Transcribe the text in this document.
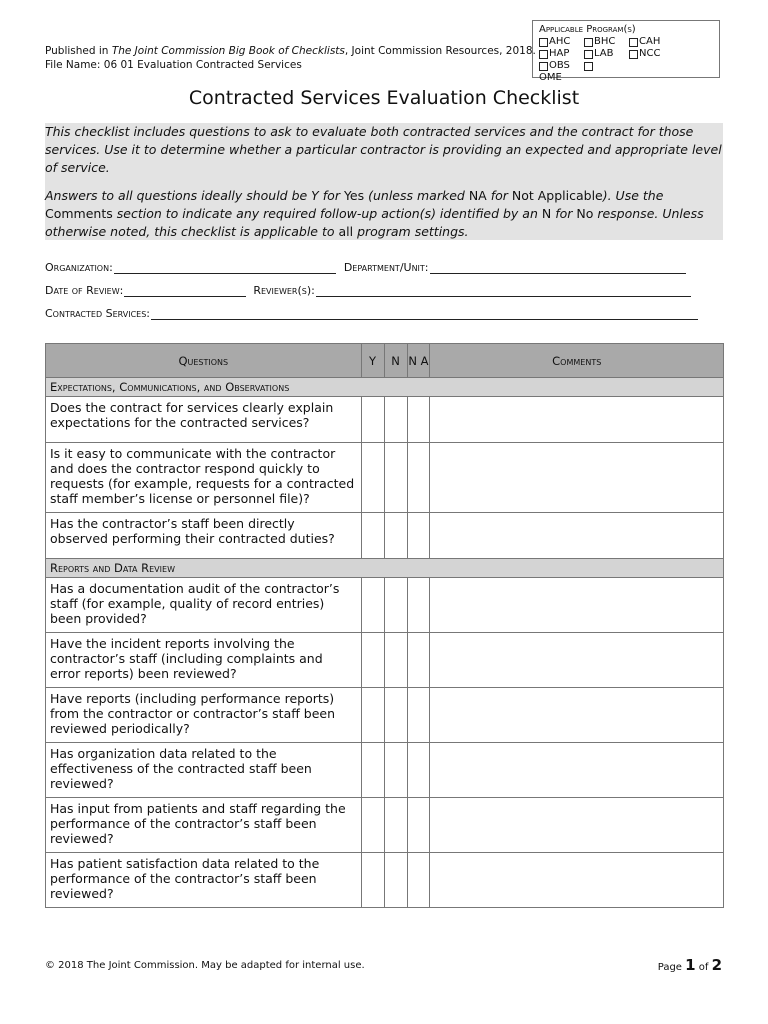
Published in The Joint Commission Big Book of Checklists, Joint Commission Resources, 2018.
File Name: 06 01 Evaluation Contracted Services
Applicable Program(s)
AHC BHC CAH
HAP LAB	NCC
OBS
OME
Contracted Services Evaluation Checklist

This checklist includes questions to ask to evaluate both contracted services and the contract for those services. Use it to determine whether a particular contractor is providing an expected and appropriate level of service.

Answers to all questions ideally should be Y for Yes (unless marked NA for Not Applicable). Use the Comments section to indicate any required follow-up action(s) identified by an N for No response. Unless otherwise noted, this checklist is applicable to all program settings.

Organization:	Department/Unit:
Date of Review:	Reviewer(s):
Contracted Services:
Questions	Y	N	N A	Comments
Expectations, Communications, and Observations				
Does the contract for services clearly explain expectations for the contracted services?				
Is it easy to communicate with the contractor and does the contractor respond quickly to requests (for example, requests for a contracted staff member’s license or personnel file)?				
Has the contractor’s staff been directly observed performing their contracted duties?				
Reports and Data Review				
Has a documentation audit of the contractor’s staff (for example, quality of record entries) been provided?				
Have the incident reports involving the contractor’s staff (including complaints and error reports) been reviewed?				
Have reports (including performance reports) from the contractor or contractor’s staff been reviewed periodically?				
Has organization data related to the effectiveness of the contracted staff been reviewed?				
Has input from patients and staff regarding the performance of the contractor’s staff been reviewed?				
Has patient satisfaction data related to the performance of the contractor’s staff been reviewed?				
© 2018 The Joint Commission. May be adapted for internal use.	Page 1 of 2
